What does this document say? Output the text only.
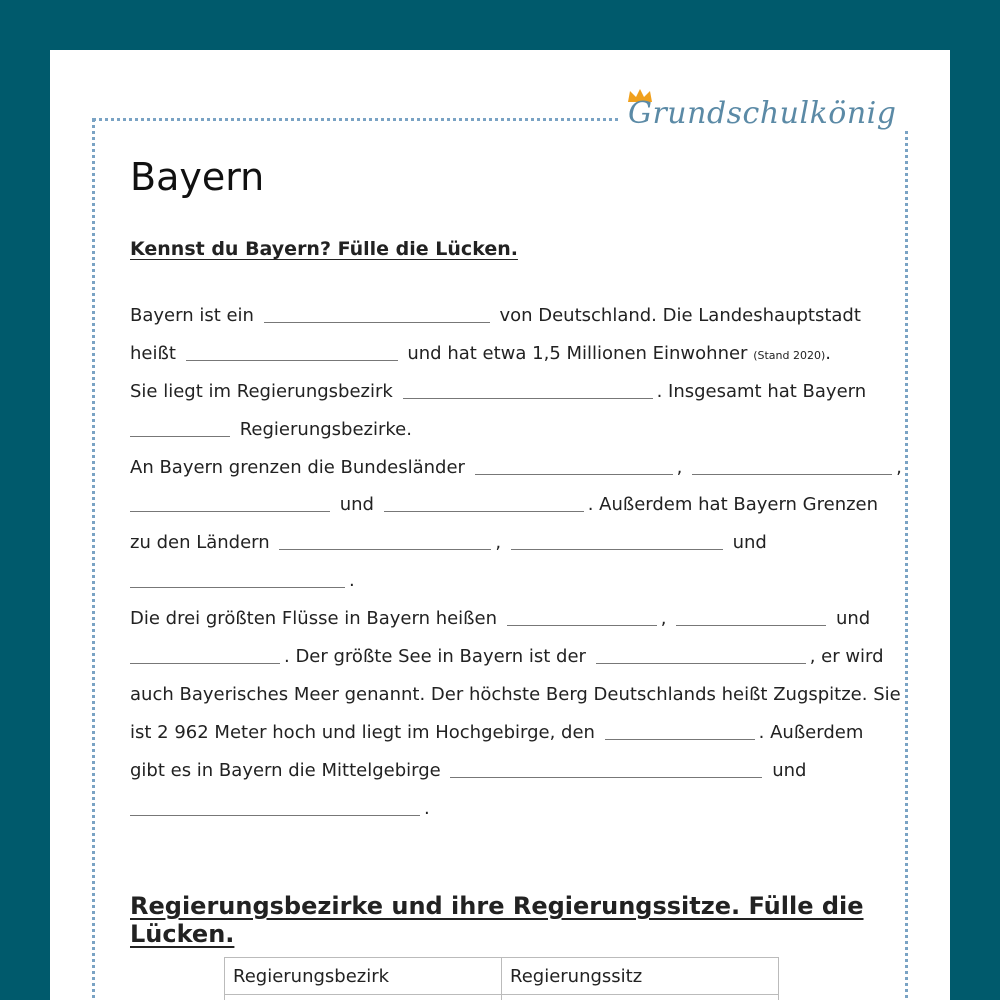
Grundschulkönig
Bayern
Kennst du Bayern? Fülle die Lücken.
Bayern ist ein	von Deutschland. Die Landeshauptstadt
heißt	und hat etwa 1,5 Millionen Einwohner (Stand 2020).
Sie liegt im Regierungsbezirk	. Insgesamt hat Bayern
Regierungsbezirke.
An Bayern grenzen die Bundesländer	,	,
und	. Außerdem hat Bayern Grenzen
zu den Ländern	,	und
.
Die drei größten Flüsse in Bayern heißen	,	und
. Der größte See in Bayern ist der	, er wird
auch Bayerisches Meer genannt. Der höchste Berg Deutschlands heißt Zugspitze. Sie
ist 2 962 Meter hoch und liegt im Hochgebirge, den	. Außerdem
gibt es in Bayern die Mittelgebirge	und
.
Regierungsbezirke und ihre Regierungssitze. Fülle die Lücken.
Regierungsbezirk	Regierungssitz
